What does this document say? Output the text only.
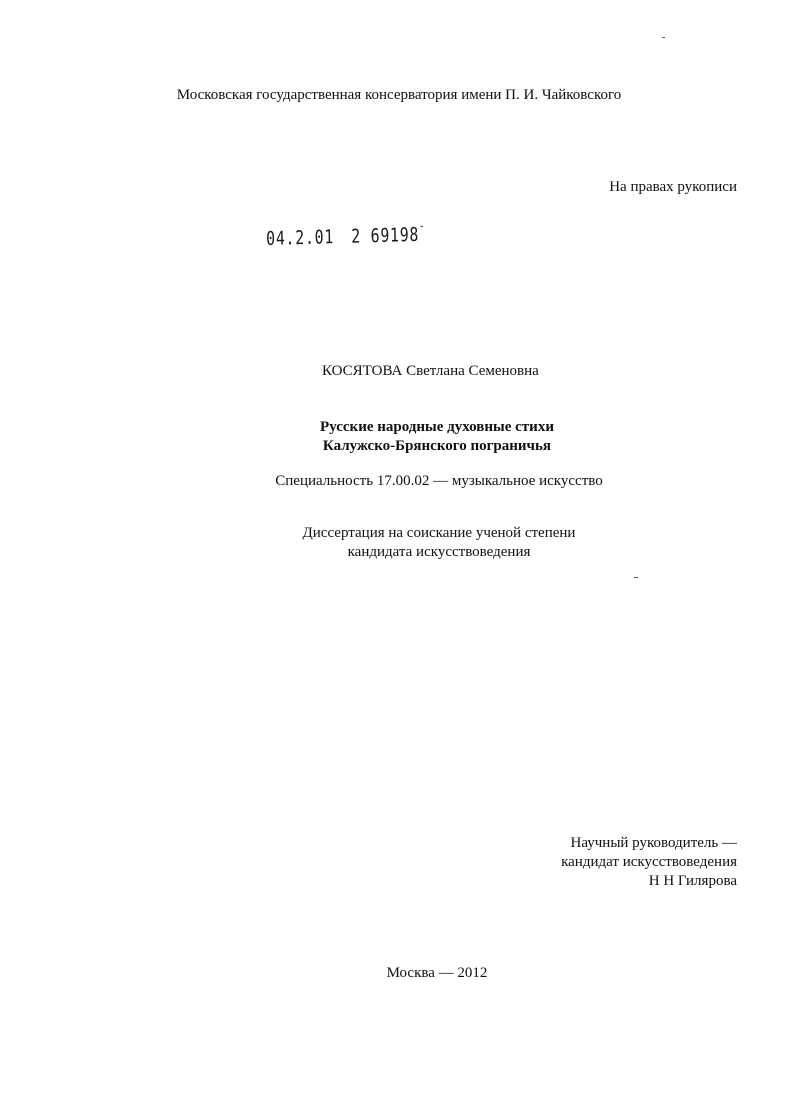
Московская государственная консерватория имени П. И. Чайковского
На правах рукописи
04.2.01 2 69198¯
КОСЯТОВА Светлана Семеновна
Русские народные духовные стихи
Калужско-Брянского пограничья
Специальность 17.00.02 — музыкальное искусство
Диссертация на соискание ученой степени
кандидата искусствоведения
Научный руководитель —
кандидат искусствоведения
Н Н Гилярова
Москва — 2012
